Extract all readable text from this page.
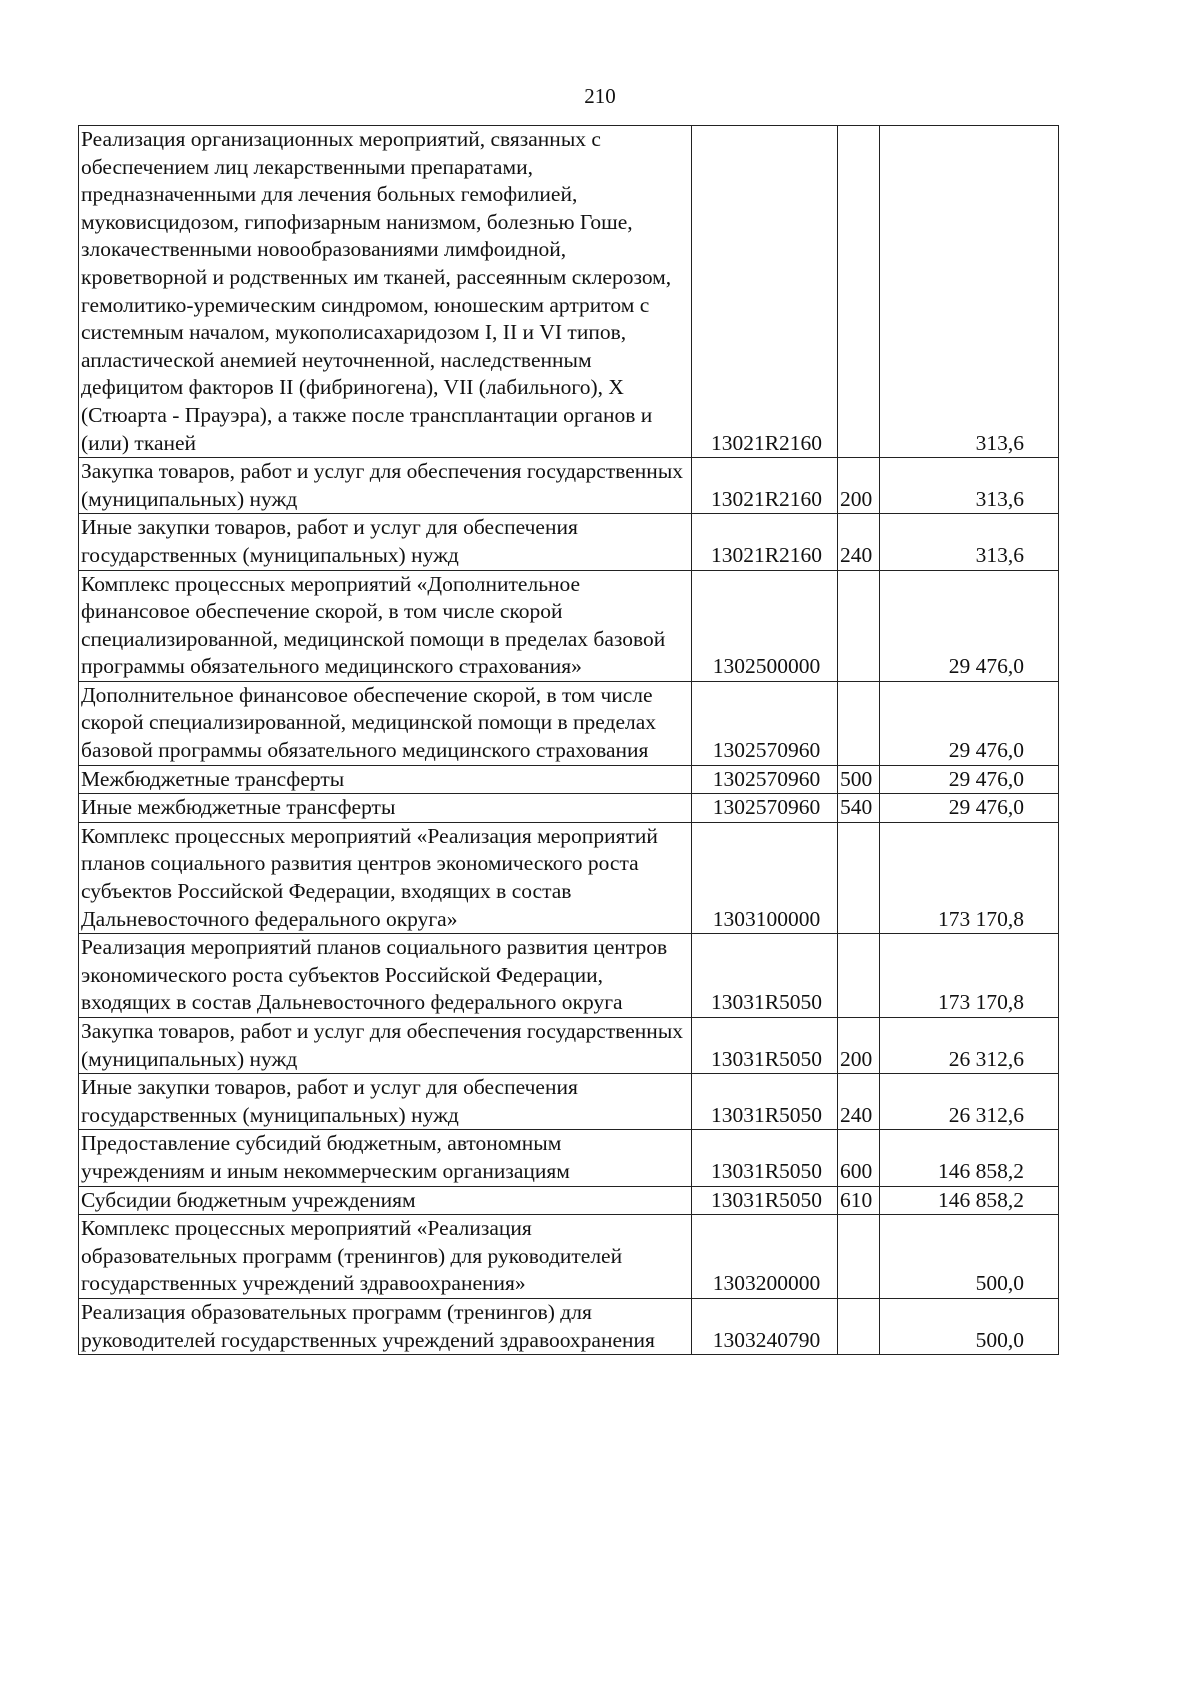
210
Реализация организационных мероприятий, связанных с обеспечением лиц лекарственными препаратами, предназначенными для лечения больных гемофилией, муковисцидозом, гипофизарным нанизмом, болезнью Гоше, злокачественными новообразованиями лимфоидной, кроветворной и родственных им тканей, рассеянным склерозом, гемолитико-уремическим синдромом, юношеским артритом с системным началом, мукополисахаридозом I, II и VI типов, апластической анемией неуточненной, наследственным дефицитом факторов II (фибриногена), VII (лабильного), X (Стюарта - Прауэра), а также после трансплантации органов и (или) тканей	13021R2160		313,6

Закупка товаров, работ и услуг для обеспечения государственных (муниципальных) нужд	13021R2160	200	313,6

Иные закупки товаров, работ и услуг для обеспечения государственных (муниципальных) нужд	13021R2160	240	313,6

Комплекс процессных мероприятий «Дополнительное финансовое обеспечение скорой, в том числе скорой специализированной, медицинской помощи в пределах базовой программы обязательного медицинского страхования»	1302500000		29 476,0

Дополнительное финансовое обеспечение скорой, в том числе скорой специализированной, медицинской помощи в пределах базовой программы обязательного медицинского страхования	1302570960		29 476,0

Межбюджетные трансферты	1302570960	500	29 476,0

Иные межбюджетные трансферты	1302570960	540	29 476,0

Комплекс процессных мероприятий «Реализация мероприятий планов социального развития центров экономического роста субъектов Российской Федерации, входящих в состав Дальневосточного федерального округа»	1303100000		173 170,8

Реализация мероприятий планов социального развития центров экономического роста субъектов Российской Федерации, входящих в состав Дальневосточного федерального округа	13031R5050		173 170,8

Закупка товаров, работ и услуг для обеспечения государственных (муниципальных) нужд	13031R5050	200	26 312,6

Иные закупки товаров, работ и услуг для обеспечения государственных (муниципальных) нужд	13031R5050	240	26 312,6

Предоставление субсидий бюджетным, автономным учреждениям и иным некоммерческим организациям	13031R5050	600	146 858,2

Субсидии бюджетным учреждениям	13031R5050	610	146 858,2

Комплекс процессных мероприятий «Реализация образовательных программ (тренингов) для руководителей государственных учреждений здравоохранения»	1303200000		500,0

Реализация образовательных программ (тренингов) для руководителей государственных учреждений здравоохранения	1303240790		500,0
